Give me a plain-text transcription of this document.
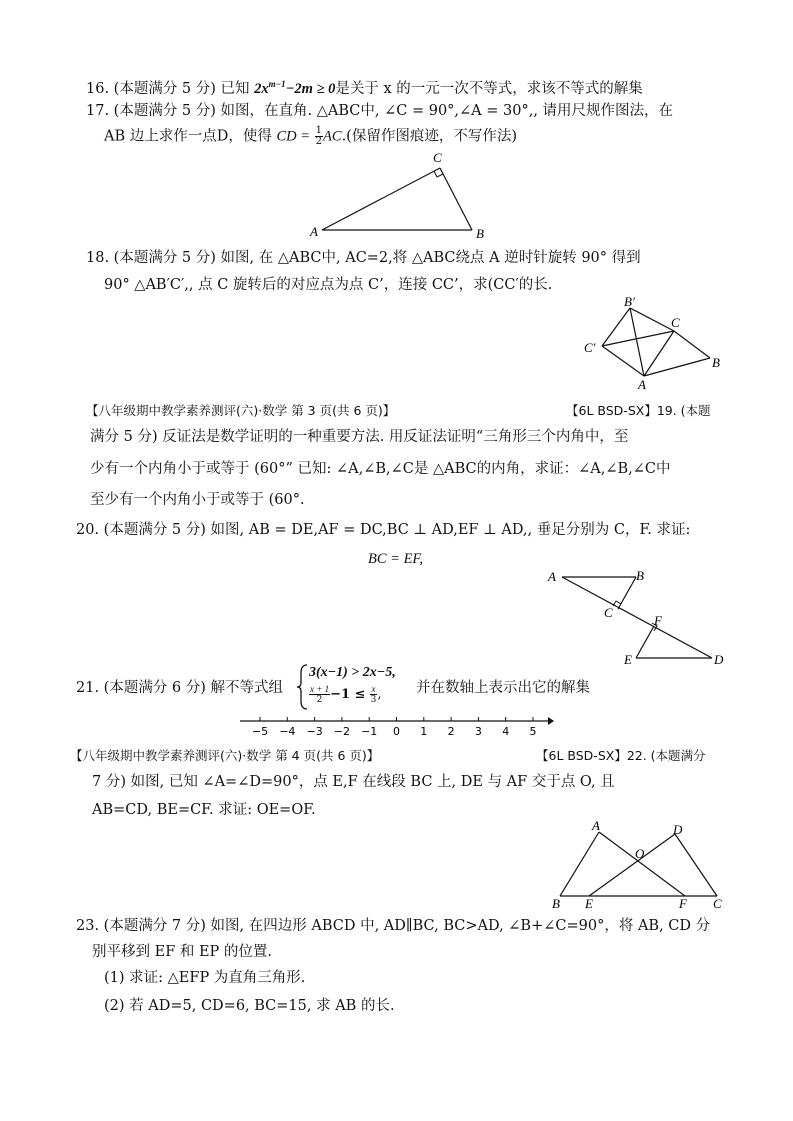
16. (本题满分 5 分) 已知 $2x^{m-1}-2m \ge 0$是关于 x 的一元一次不等式，求该不等式的解集
17. (本题满分 5 分) 如图，在直角. △ABC中, ∠C = 90°,∠A = 30°,, 请用尺规作图法，在
AB 边上求作一点D，使得 CD = $\frac{1}{2} AC$.(保留作图痕迹，不写作法)
A	B
C
18. (本题满分 5 分) 如图, 在 △ABC中, AC=2,将 △ABC绕点 A 逆时针旋转 90° 得到
90° △AB′C′,, 点 C 旋转后的对应点为点 C’，连接 CC’，求(CC′的长.
B′
C
C′
B
A
【八年级期中教学素养测评(六)·数学 第 3 页(共 6 页)】	【6L BSD-SX】19. (本题
满分 5 分) 反证法是数学证明的一种重要方法. 用反证法证明“三角形三个内角中，至
少有一个内角小于或等于 (60°” 已知: ∠A,∠B,∠C是 △ABC的内角，求证：∠A,∠B,∠C中
至少有一个内角小于或等于 (60°.
20. (本题满分 5 分) 如图, AB = DE,AF = DC,BC ⊥ AD,EF ⊥ AD,, 垂足分别为 C，F. 求证:
BC = EF,
A	B
C
F
E	D
21. (本题满分 6 分) 解不等式组
3(x−1) > 2x−5,
$\frac{x + 1}{2} -1 \le \frac{x}{3}$ , 并在数轴上表示出它的解集
−5 −4 −3 −2 −1 0 1 2 3 4 5
【八年级期中教学素养测评(六)·数学 第 4 页(共 6 页)】	【6L BSD-SX】22. (本题满分
7 分) 如图, 已知 ∠A=∠D=90°，点 E,F 在线段 BC 上, DE 与 AF 交于点 O, 且
AB=CD, BE=CF. 求证: OE=OF.
A	D
O
B E	F C
23. (本题满分 7 分) 如图, 在四边形 ABCD 中, AD∥BC, BC>AD, ∠B+∠C=90°，将 AB, CD 分
别平移到 EF 和 EP 的位置.
(1) 求证: △EFP 为直角三角形.
(2) 若 AD=5, CD=6, BC=15, 求 AB 的长.
